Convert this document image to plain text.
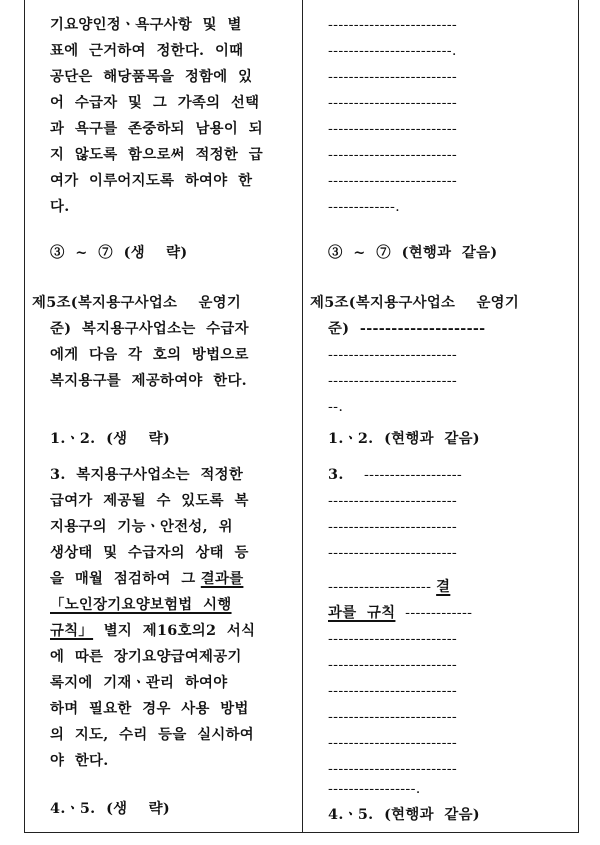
기요양인정ㆍ욕구사항  및  별
표에  근거하여  정한다.  이때
공단은  해당품목을  정함에  있
어  수급자  및  그  가족의  선택
과  욕구를  존중하되  남용이  되
지  않도록  함으로써  적정한  급
여가  이루어지도록  하여야  한
다.
③  ~  ⑦  (생    략)
제5조(복지용구사업소    운영기
준)  복지용구사업소는  수급자
에게  다음  각  호의  방법으로
복지용구를  제공하여야  한다.
1.ㆍ2.  (생    략)
3.  복지용구사업소는  적정한
급여가  제공될  수  있도록  복
지용구의  기능ㆍ안전성,  위
생상태  및  수급자의  상태  등
을  매월  점검하여  그 결과를
「노인장기요양보험법  시행
규칙」  별지  제16호의2  서식
에  따른  장기요양급여제공기
록지에  기재ㆍ관리  하여야
하며  필요한  경우  사용  방법
의  지도,  수리  등을  실시하여
야  한다.
4.ㆍ5.  (생    략)
-------------------------
------------------------.
-------------------------
-------------------------
-------------------------
-------------------------
-------------------------
-------------.
③  ~  ⑦  (현행과  같음)
제5조(복지용구사업소    운영기
준)  --------------------
-------------------------
-------------------------
--.
1.ㆍ2.  (현행과  같음)
3. -------------------
-------------------------
-------------------------
-------------------------
-------------------- 결
과를  규칙  -------------
-------------------------
-------------------------
-------------------------
-------------------------
-------------------------
-------------------------
-----------------.
4.ㆍ5.  (현행과  같음)
